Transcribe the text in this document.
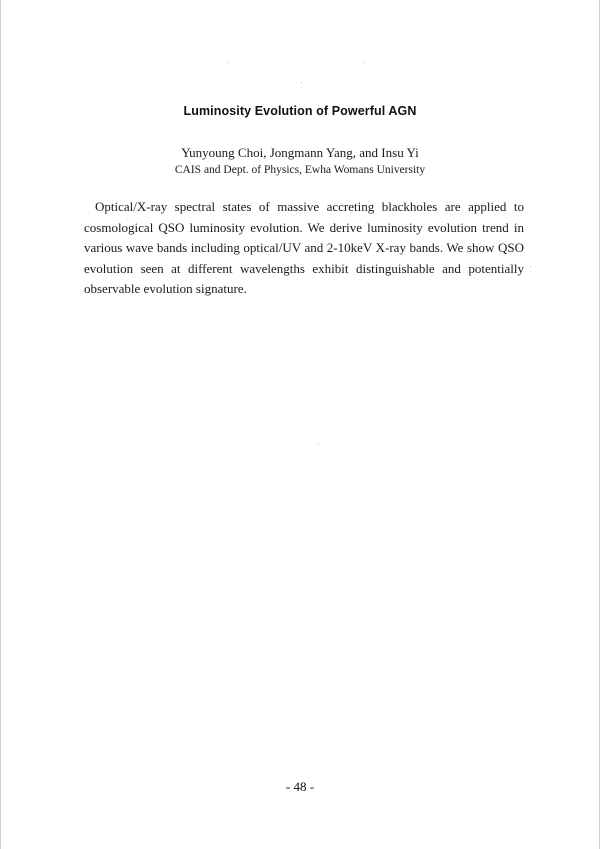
Luminosity Evolution of Powerful AGN
Yunyoung Choi, Jongmann Yang, and Insu Yi
CAIS and Dept. of Physics, Ewha Womans University

Optical/X-ray spectral states of massive accreting blackholes are applied to cosmological QSO luminosity evolution. We derive luminosity evolution trend in various wave bands including optical/UV and 2-10keV X-ray bands. We show QSO evolution seen at different wavelengths exhibit distinguishable and potentially observable evolution signature.

- 48 -
